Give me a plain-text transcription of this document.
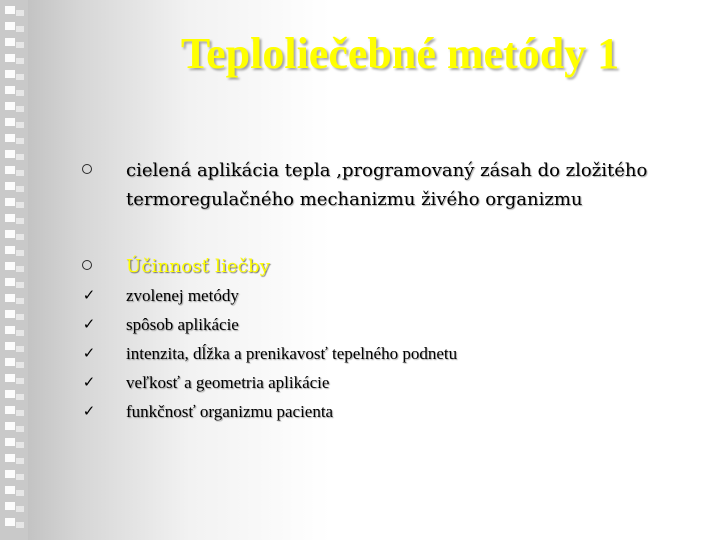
Teploliečebné metódy 1
cielená aplikácia tepla ,programovaný zásah do zložitého termoregulačného mechanizmu živého organizmu
Účinnosť liečby
✓ zvolenej metódy
✓ spôsob aplikácie
✓ intenzita, dĺžka a prenikavosť tepelného podnetu
✓ veľkosť a geometria aplikácie
✓ funkčnosť organizmu pacienta
